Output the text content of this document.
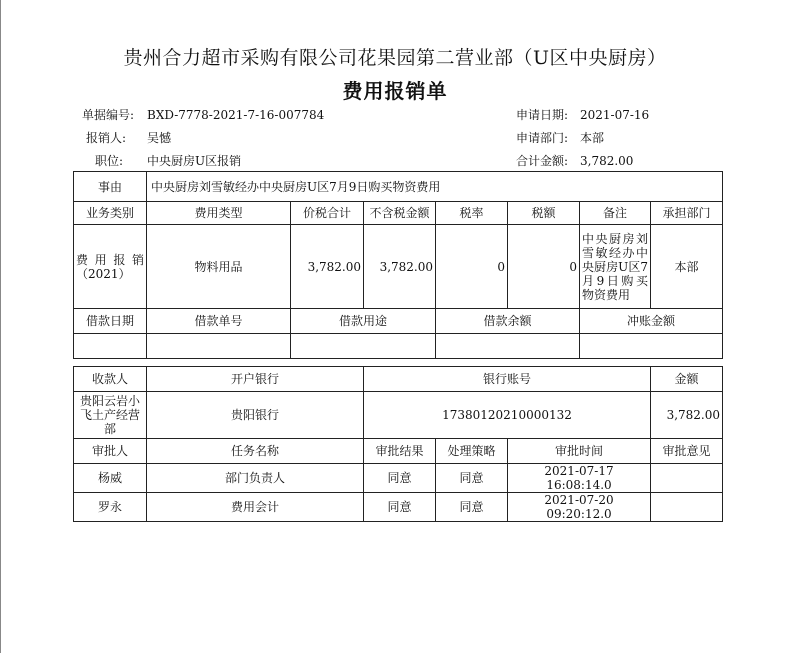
贵州合力超市采购有限公司花果园第二营业部（U区中央厨房）
费用报销单
单据编号: BXD-7778-2021-7-16-007784
报销人: 吴憾
职位: 中央厨房U区报销
申请日期: 2021-07-16
申请部门: 本部
合计金额: 3,782.00
事由	中央厨房刘雪敏经办中央厨房U区7月9日购买物资费用						
业务类别	费用类型	价税合计	不含税金额	税率	税额	备注	承担部门
费用报销（2021）	物料用品	3,782.00	3,782.00	0	0	中央厨房刘雪敏经办中央厨房U区7月9日购买物资费用	本部
借款日期	借款单号	借款用途		借款余额		冲账金额	

收款人	开户银行		银行账号				金额
贵阳云岩小飞土产经营部	贵阳银行		17380120210000132				3,782.00
审批人	任务名称		审批结果	处理策略	审批时间		审批意见
杨威	部门负责人		同意	同意	2021-07-17 16:08:14.0		
罗永	费用会计		同意	同意	2021-07-20 09:20:12.0		
